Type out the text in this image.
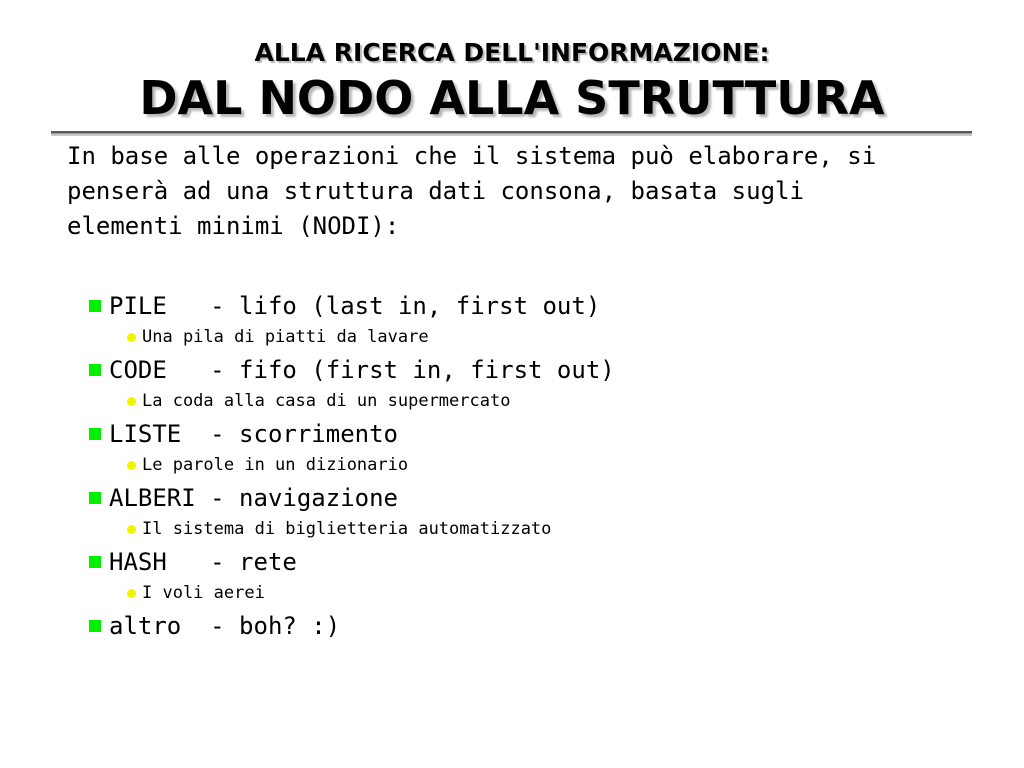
ALLA RICERCA DELL'INFORMAZIONE:
DAL NODO ALLA STRUTTURA
In base alle operazioni che il sistema può elaborare, si
penserà ad una struttura dati consona, basata sugli
elementi minimi (NODI):
PILE   - lifo (last in, first out)
Una pila di piatti da lavare
CODE   - fifo (first in, first out)
La coda alla casa di un supermercato
LISTE  - scorrimento
Le parole in un dizionario
ALBERI - navigazione
Il sistema di biglietteria automatizzato
HASH   - rete
I voli aerei
altro  - boh? :)
